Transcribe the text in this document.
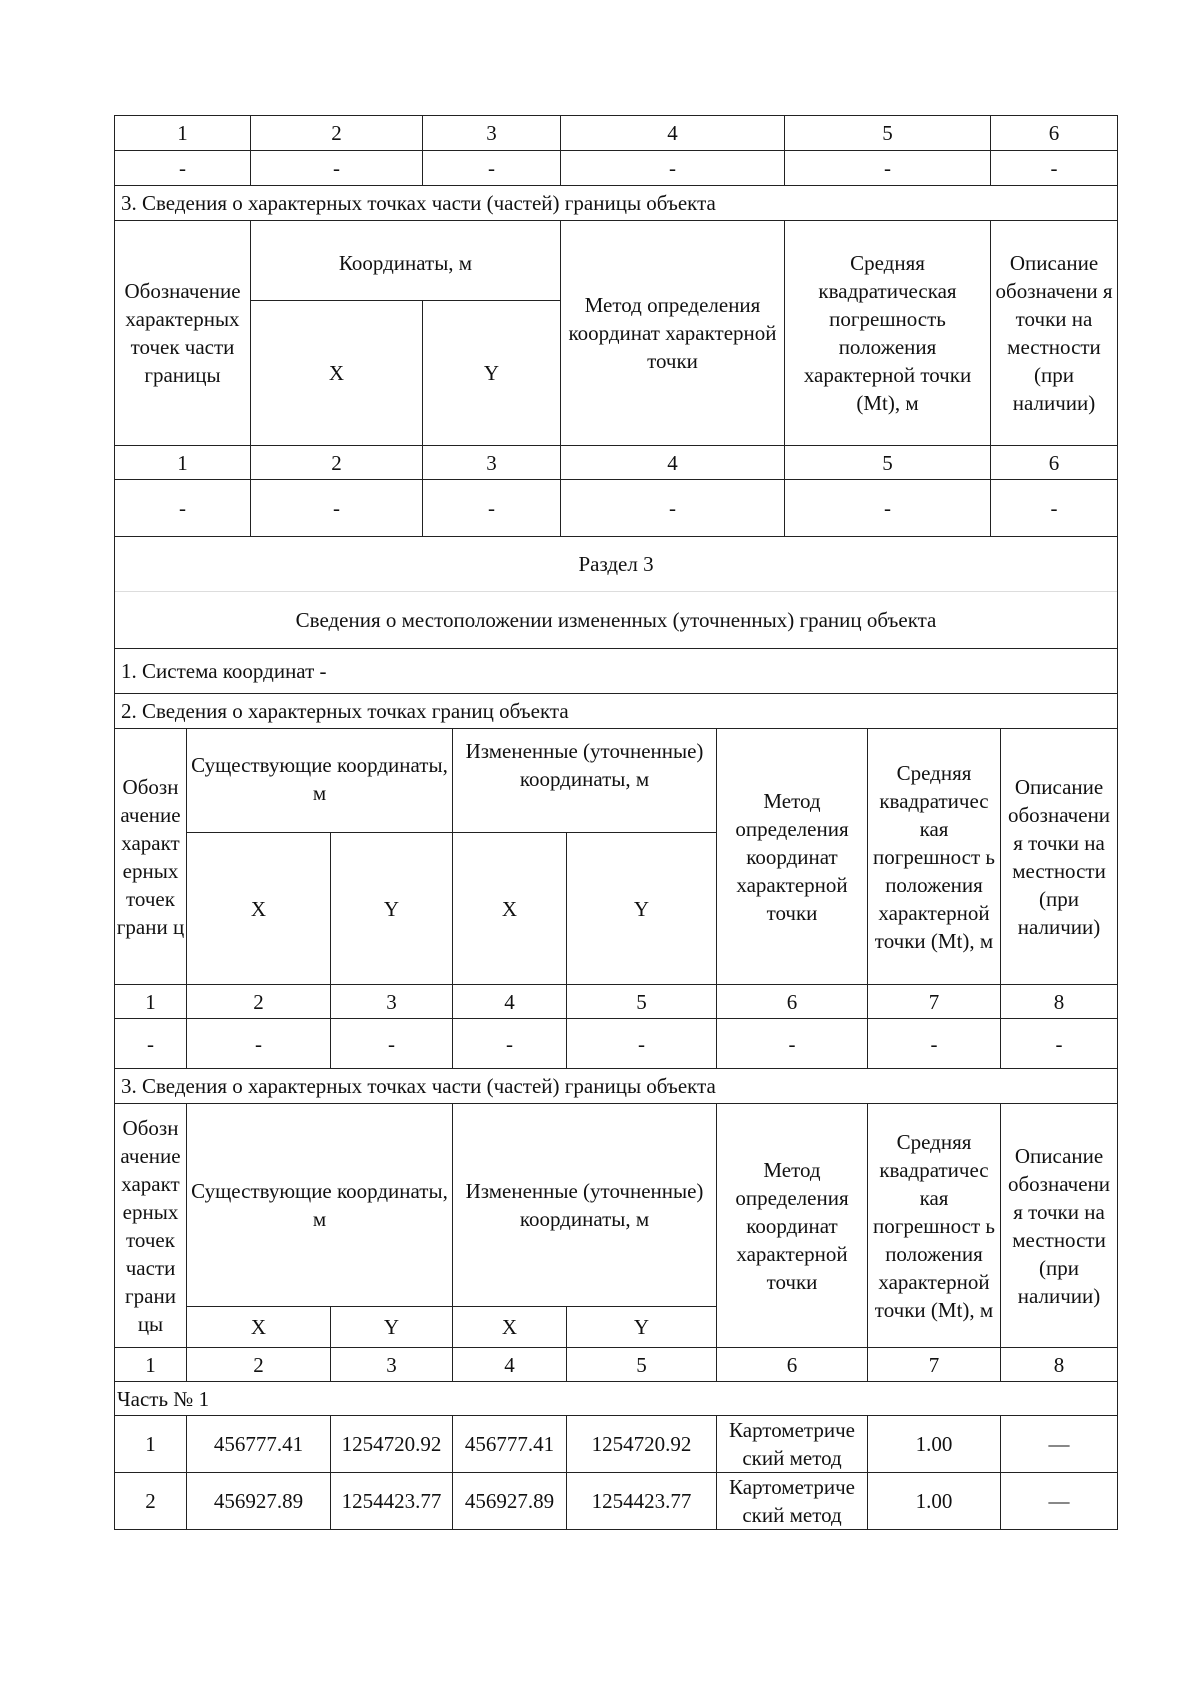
1	2	3	4	5	6
-	-	-	-	-	-
3. Сведения о характерных точках части (частей) границы объекта					
Обозначение характерных точек части границы	Координаты, м		Метод определения координат характерной точки	Средняя квадратическая погрешность положения характерной точки (Mt), м	Описание обозначени я точки на местности (при наличии)
	X	Y			
1	2	3	4	5	6
-	-	-	-	-	-
Раздел 3							
Сведения о местоположении измененных (уточненных) границ объекта							
1. Система координат -							
2. Сведения о характерных точках границ объекта							
Обозн ачение характ ерных точек грани ц	Существующие координаты, м		Измененные (уточненные) координаты, м		Метод определения координат характерной точки	Средняя квадратичес кая погрешност ь положения характерной точки (Mt), м	Описание обозначени я точки на местности (при наличии)
	X	Y	X	Y			
1	2	3	4	5	6	7	8
-	-	-	-	-	-	-	-
3. Сведения о характерных точках части (частей) границы объекта							
Обозн ачение характ ерных точек части грани цы	Существующие координаты, м		Измененные (уточненные) координаты, м		Метод определения координат характерной точки	Средняя квадратичес кая погрешност ь положения характерной точки (Mt), м	Описание обозначени я точки на местности (при наличии)
	X	Y	X	Y			
1	2	3	4	5	6	7	8
Часть № 1							
1	456777.41	1254720.92	456777.41	1254720.92	Картометриче ский метод	1.00	—
2	456927.89	1254423.77	456927.89	1254423.77	Картометриче ский метод	1.00	—
